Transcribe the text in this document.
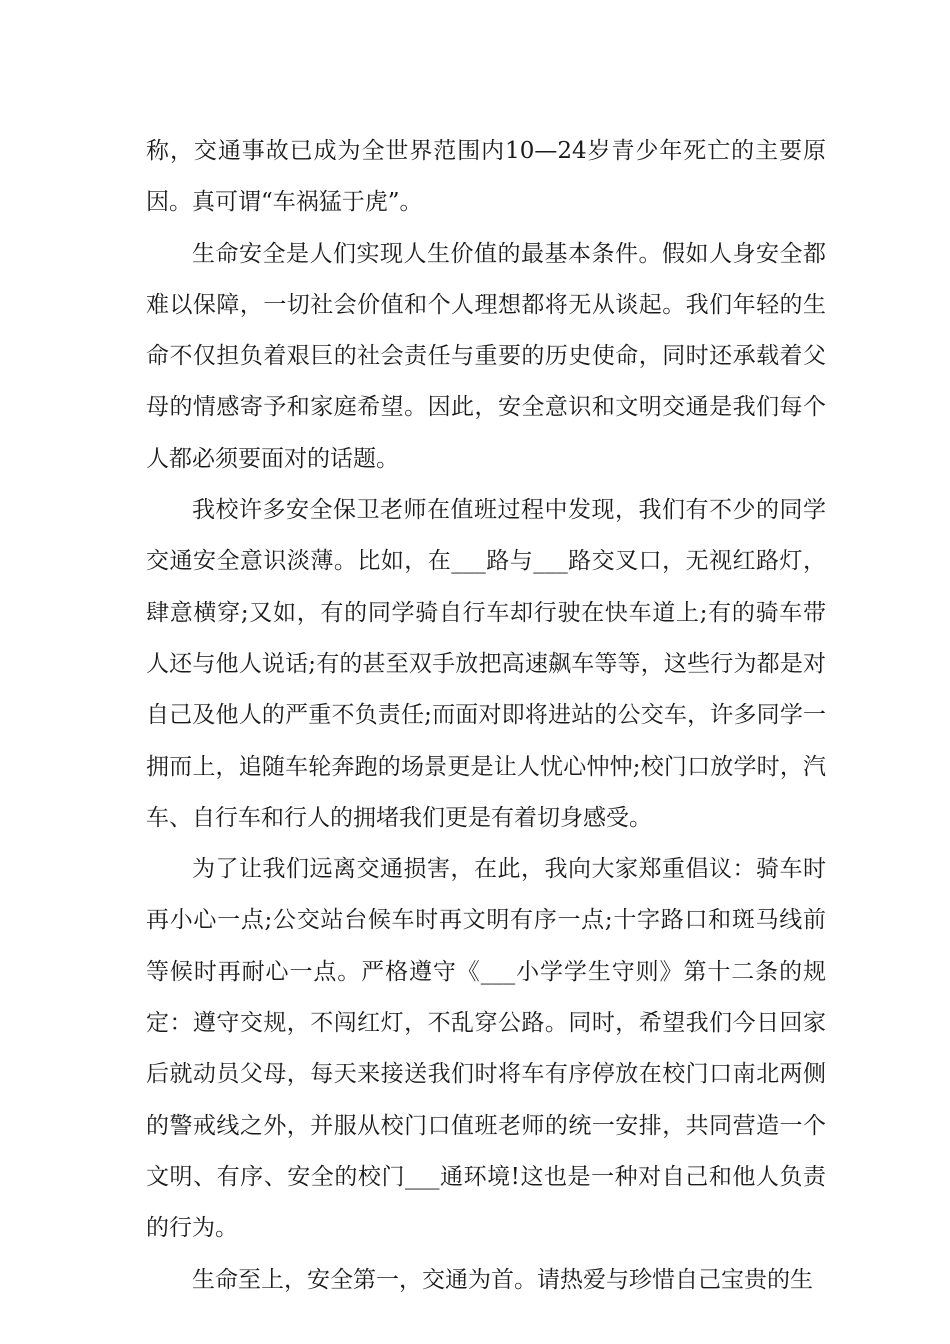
称，交通事故已成为全世界范围内10—24岁青少年死亡的主要原因。真可谓“车祸猛于虎”。

生命安全是人们实现人生价值的最基本条件。假如人身安全都难以保障，一切社会价值和个人理想都将无从谈起。我们年轻的生命不仅担负着艰巨的社会责任与重要的历史使命，同时还承载着父母的情感寄予和家庭希望。因此，安全意识和文明交通是我们每个人都必须要面对的话题。

我校许多安全保卫老师在值班过程中发现，我们有不少的同学交通安全意识淡薄。比如，在___路与___路交叉口，无视红路灯，肆意横穿;又如，有的同学骑自行车却行驶在快车道上;有的骑车带人还与他人说话;有的甚至双手放把高速飙车等等，这些行为都是对自己及他人的严重不负责任;而面对即将进站的公交车，许多同学一拥而上，追随车轮奔跑的场景更是让人忧心忡忡;校门口放学时，汽车、自行车和行人的拥堵我们更是有着切身感受。

为了让我们远离交通损害，在此，我向大家郑重倡议：骑车时再小心一点;公交站台候车时再文明有序一点;十字路口和斑马线前等候时再耐心一点。严格遵守《___小学学生守则》第十二条的规定：遵守交规，不闯红灯，不乱穿公路。同时，希望我们今日回家后就动员父母，每天来接送我们时将车有序停放在校门口南北两侧的警戒线之外，并服从校门口值班老师的统一安排，共同营造一个文明、有序、安全的校门___通环境!这也是一种对自己和他人负责的行为。

生命至上，安全第一，交通为首。请热爱与珍惜自己宝贵的生
